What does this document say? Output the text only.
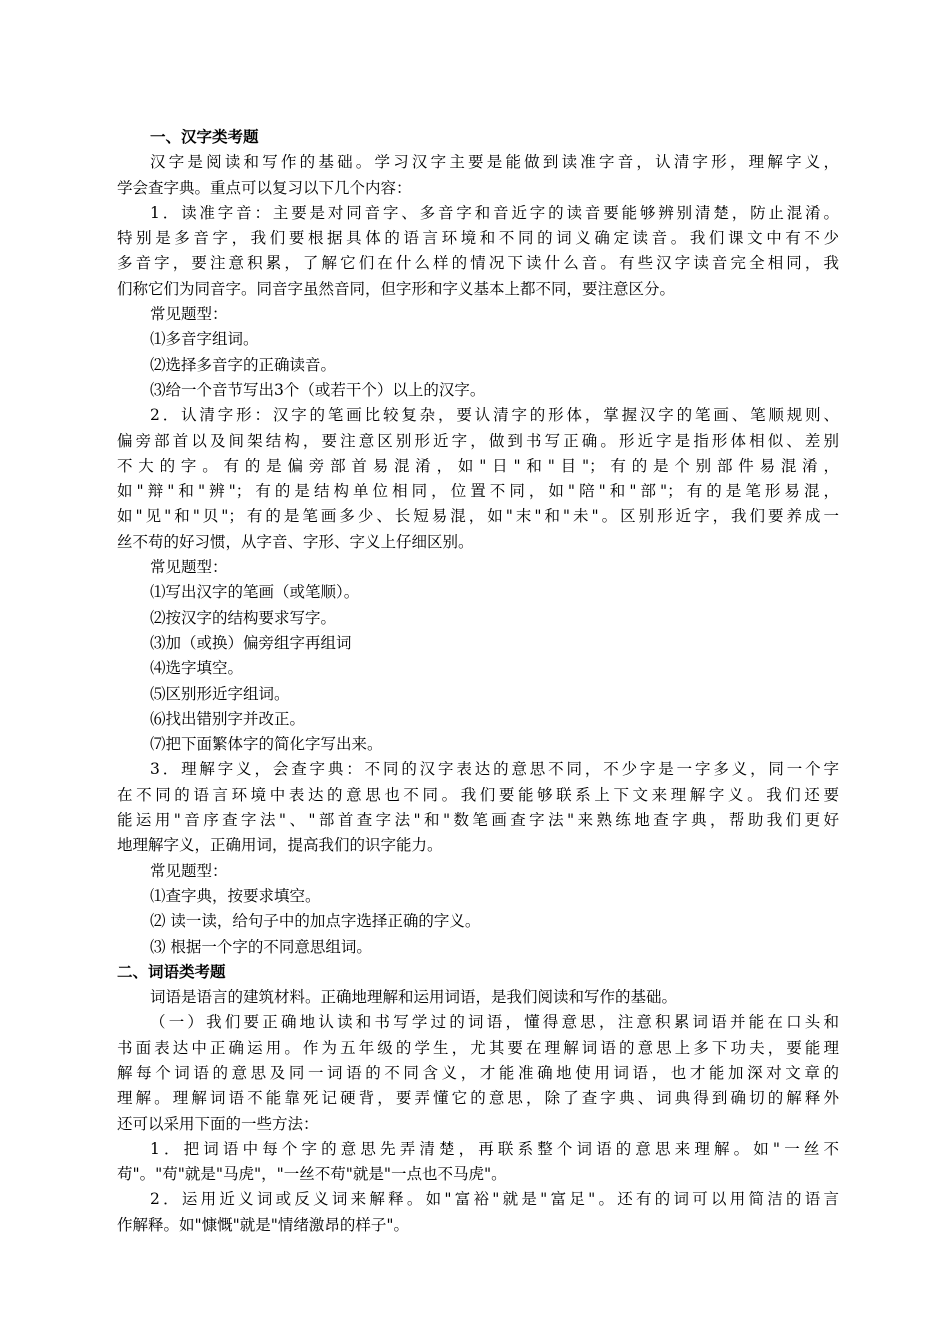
一、汉字类考题
汉字是阅读和写作的基础。学习汉字主要是能做到读准字音，认清字形，理解字义，
学会查字典。重点可以复习以下几个内容：
1．读准字音：主要是对同音字、多音字和音近字的读音要能够辨别清楚，防止混淆。
特别是多音字，我们要根据具体的语言环境和不同的词义确定读音。我们课文中有不少
多音字，要注意积累，了解它们在什么样的情况下读什么音。有些汉字读音完全相同，我
们称它们为同音字。同音字虽然音同，但字形和字义基本上都不同，要注意区分。
常见题型：
⑴多音字组词。
⑵选择多音字的正确读音。
⑶给一个音节写出3个（或若干个）以上的汉字。
2．认清字形：汉字的笔画比较复杂，要认清字的形体，掌握汉字的笔画、笔顺规则、
偏旁部首以及间架结构，要注意区别形近字，做到书写正确。形近字是指形体相似、差别
不大的字。有的是偏旁部首易混淆，如"日"和"目"；有的是个别部件易混淆，
如"辩"和"辨"；有的是结构单位相同，位置不同，如"陪"和"部"；有的是笔形易混，
如"见"和"贝"；有的是笔画多少、长短易混，如"末"和"未"。区别形近字，我们要养成一
丝不苟的好习惯，从字音、字形、字义上仔细区别。
常见题型：
⑴写出汉字的笔画（或笔顺）。
⑵按汉字的结构要求写字。
⑶加（或换）偏旁组字再组词
⑷选字填空。
⑸区别形近字组词。
⑹找出错别字并改正。
⑺把下面繁体字的简化字写出来。
3．理解字义，会查字典：不同的汉字表达的意思不同，不少字是一字多义，同一个字
在不同的语言环境中表达的意思也不同。我们要能够联系上下文来理解字义。我们还要
能运用"音序查字法"、"部首查字法"和"数笔画查字法"来熟练地查字典，帮助我们更好
地理解字义，正确用词，提高我们的识字能力。
常见题型：
⑴查字典，按要求填空。
⑵ 读一读，给句子中的加点字选择正确的字义。
⑶ 根据一个字的不同意思组词。
二、词语类考题
词语是语言的建筑材料。正确地理解和运用词语，是我们阅读和写作的基础。
（一）我们要正确地认读和书写学过的词语，懂得意思，注意积累词语并能在口头和
书面表达中正确运用。作为五年级的学生，尤其要在理解词语的意思上多下功夫，要能理
解每个词语的意思及同一词语的不同含义，才能准确地使用词语，也才能加深对文章的
理解。理解词语不能靠死记硬背，要弄懂它的意思，除了查字典、词典得到确切的解释外
还可以采用下面的一些方法：
1．把词语中每个字的意思先弄清楚，再联系整个词语的意思来理解。如"一丝不
苟"。"苟"就是"马虎"，"一丝不苟"就是"一点也不马虎"。
2．运用近义词或反义词来解释。如"富裕"就是"富足"。还有的词可以用简洁的语言
作解释。如"慷慨"就是"情绪激昂的样子"。
